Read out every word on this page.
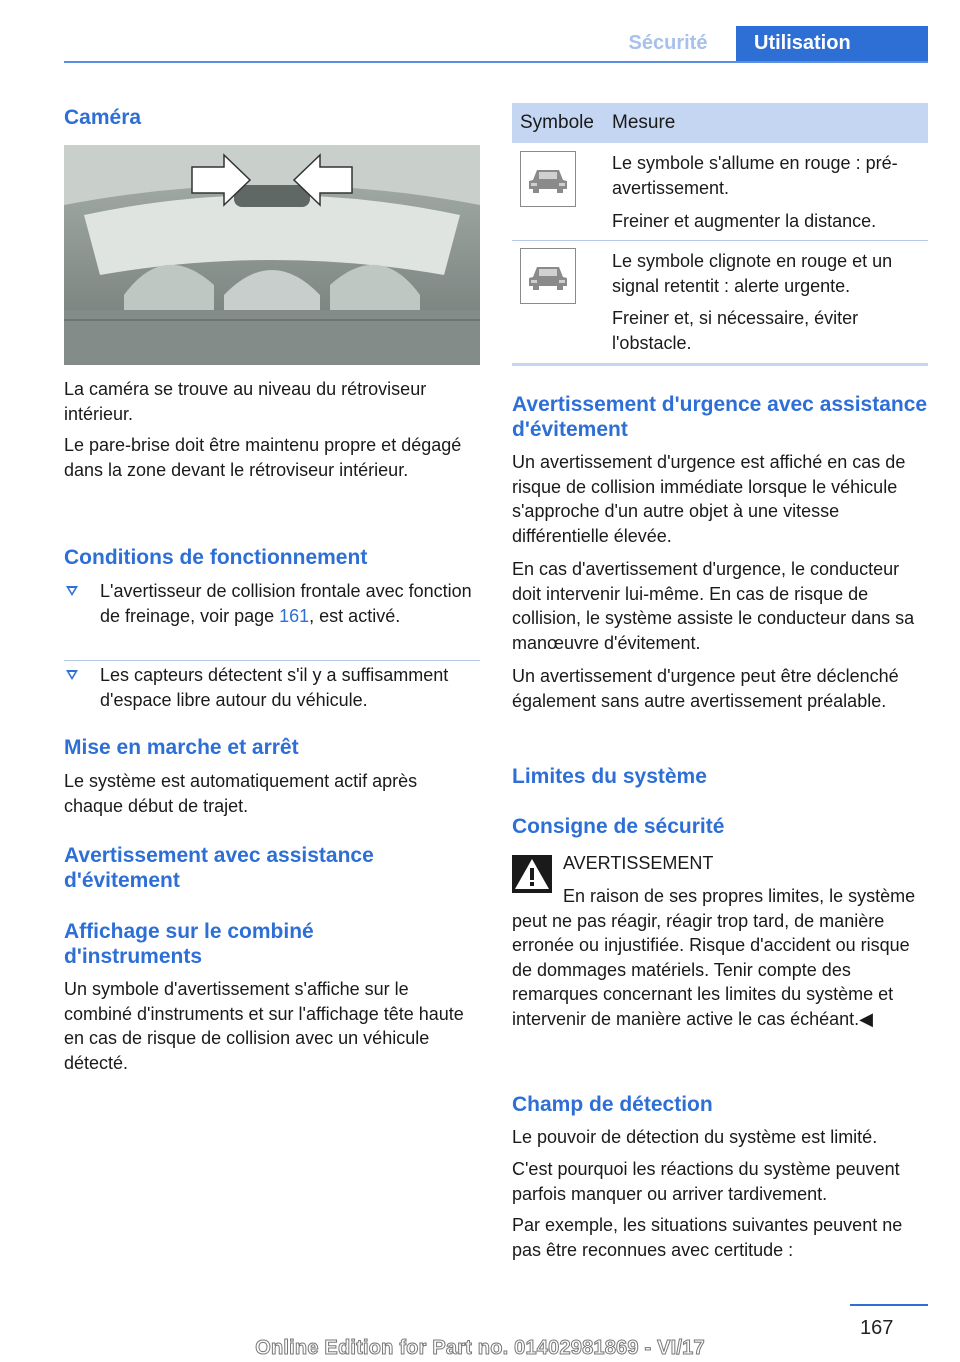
Sécurité	Utilisation
Caméra
La caméra se trouve au niveau du rétroviseur intérieur.
Le pare-brise doit être maintenu propre et dégagé dans la zone devant le rétroviseur intérieur.
Conditions de fonctionnement
L'avertisseur de collision frontale avec fonction de freinage, voir page 161, est activé.
Les capteurs détectent s'il y a suffisamment d'espace libre autour du véhicule.
Mise en marche et arrêt
Le système est automatiquement actif après chaque début de trajet.
Avertissement avec assistance d'évitement
Affichage sur le combiné d'instruments
Un symbole d'avertissement s'affiche sur le combiné d'instruments et sur l'affichage tête haute en cas de risque de collision avec un véhicule détecté.
Symbole Mesure
Le symbole s'allume en rouge : pré-avertissement.
Freiner et augmenter la distance.
Le symbole clignote en rouge et un signal retentit : alerte urgente.
Freiner et, si nécessaire, éviter l'obstacle.
Avertissement d'urgence avec assistance d'évitement
Un avertissement d'urgence est affiché en cas de risque de collision immédiate lorsque le véhicule s'approche d'un autre objet à une vitesse différentielle élevée.
En cas d'avertissement d'urgence, le conducteur doit intervenir lui-même. En cas de risque de collision, le système assiste le conducteur dans sa manœuvre d'évitement.
Un avertissement d'urgence peut être déclenché également sans autre avertissement préalable.
Limites du système
Consigne de sécurité
AVERTISSEMENT
En raison de ses propres limites, le système peut ne pas réagir, réagir trop tard, de manière erronée ou injustifiée. Risque d'accident ou risque de dommages matériels. Tenir compte des remarques concernant les limites du système et intervenir de manière active le cas échéant.◀
Champ de détection
Le pouvoir de détection du système est limité.
C'est pourquoi les réactions du système peuvent parfois manquer ou arriver tardivement.
Par exemple, les situations suivantes peuvent ne pas être reconnues avec certitude :
167
Online Edition for Part no. 01402981869 - VI/17
